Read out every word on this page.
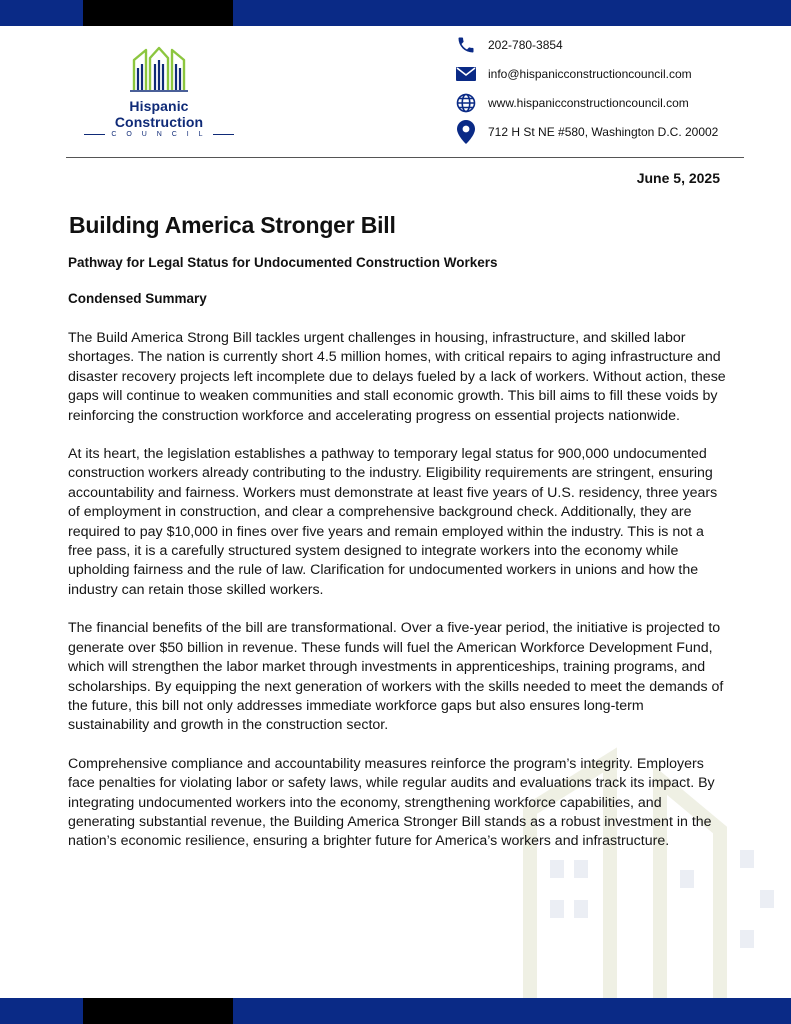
Hispanic Construction
C O U N C I L
202-780-3854
info@hispanicconstructioncouncil.com
www.hispanicconstructioncouncil.com
712 H St NE #580, Washington D.C. 20002
June 5, 2025
Building America Stronger Bill
Pathway for Legal Status for Undocumented Construction Workers
Condensed Summary

The Build America Strong Bill tackles urgent challenges in housing, infrastructure, and skilled labor shortages. The nation is currently short 4.5 million homes, with critical repairs to aging infrastructure and disaster recovery projects left incomplete due to delays fueled by a lack of workers. Without action, these gaps will continue to weaken communities and stall economic growth. This bill aims to fill these voids by reinforcing the construction workforce and accelerating progress on essential projects nationwide.

At its heart, the legislation establishes a pathway to temporary legal status for 900,000 undocumented construction workers already contributing to the industry. Eligibility requirements are stringent, ensuring accountability and fairness. Workers must demonstrate at least five years of U.S. residency, three years of employment in construction, and clear a comprehensive background check. Additionally, they are required to pay $10,000 in fines over five years and remain employed within the industry. This is not a free pass, it is a carefully structured system designed to integrate workers into the economy while upholding fairness and the rule of law. Clarification for undocumented workers in unions and how the industry can retain those skilled workers.

The financial benefits of the bill are transformational. Over a five-year period, the initiative is projected to generate over $50 billion in revenue. These funds will fuel the American Workforce Development Fund, which will strengthen the labor market through investments in apprenticeships, training programs, and scholarships. By equipping the next generation of workers with the skills needed to meet the demands of the future, this bill not only addresses immediate workforce gaps but also ensures long-term sustainability and growth in the construction sector.

Comprehensive compliance and accountability measures reinforce the program’s integrity. Employers face penalties for violating labor or safety laws, while regular audits and evaluations track its impact. By integrating undocumented workers into the economy, strengthening workforce capabilities, and generating substantial revenue, the Building America Stronger Bill stands as a robust investment in the nation’s economic resilience, ensuring a brighter future for America’s workers and infrastructure.
